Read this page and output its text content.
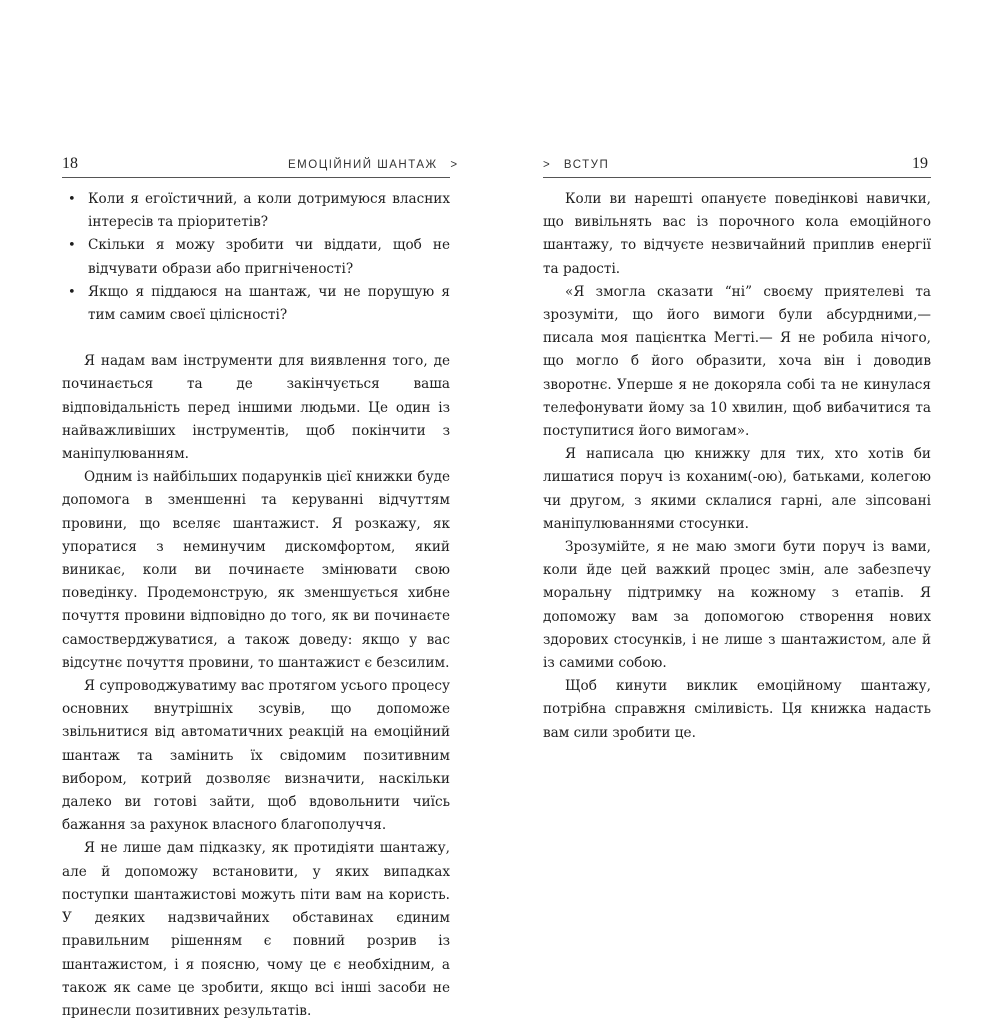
18	ЕМОЦІЙНИЙ ШАНТАЖ >
• Коли я егоїстичний, а коли дотримуюся власних інтересів та пріоритетів?
• Скільки я можу зробити чи віддати, щоб не відчувати образи або пригніченості?
• Якщо я піддаюся на шантаж, чи не порушую я тим самим своєї цілісності?

Я надам вам інструменти для виявлення того, де починається та де закінчується ваша відповідальність перед іншими людьми. Це один із найважливіших інструментів, щоб покінчити з маніпулюванням.

Одним із найбільших подарунків цієї книжки буде допомога в зменшенні та керуванні відчуттям провини, що вселяє шантажист. Я розкажу, як упоратися з неминучим дискомфортом, який виникає, коли ви починаєте змінювати свою поведінку. Продемонструю, як зменшується хибне почуття провини відповідно до того, як ви починаєте самостверджуватися, а також доведу: якщо у вас відсутнє почуття провини, то шантажист є безсилим.

Я супроводжуватиму вас протягом усього процесу основних внутрішніх зсувів, що допоможе звільнитися від автоматичних реакцій на емоційний шантаж та замінить їх свідомим позитивним вибором, котрий дозволяє визначити, наскільки далеко ви готові зайти, щоб вдовольнити чиїсь бажання за рахунок власного благополуччя.

Я не лише дам підказку, як протидіяти шантажу, але й допоможу встановити, у яких випадках поступки шантажистові можуть піти вам на користь. У деяких надзвичайних обставинах єдиним правильним рішенням є повний розрив із шантажистом, і я поясню, чому це є необхідним, а також як саме це зробити, якщо всі інші засоби не принесли позитивних результатів.

> ВСТУП	19

Коли ви нарешті опануєте поведінкові навички, що вивільнять вас із порочного кола емоційного шантажу, то відчуєте незвичайний приплив енергії та радості.

«Я змогла сказати “ні” своєму приятелеві та зрозуміти, що його вимоги були абсурдними,— писала моя пацієнтка Мегті.— Я не робила нічого, що могло б його образити, хоча він і доводив зворотнє. Уперше я не докоряла собі та не кинулася телефонувати йому за 10 хвилин, щоб вибачитися та поступитися його вимогам».

Я написала цю книжку для тих, хто хотів би лишатися поруч із коханим(-ою), батьками, колегою чи другом, з якими склалися гарні, але зіпсовані маніпулюваннями стосунки.

Зрозумійте, я не маю змоги бути поруч із вами, коли йде цей важкий процес змін, але забезпечу моральну підтримку на кожному з етапів. Я допоможу вам за допомогою створення нових здорових стосунків, і не лише з шантажистом, але й із самими собою.

Щоб кинути виклик емоційному шантажу, потрібна справжня сміливість. Ця книжка надасть вам сили зробити це.
